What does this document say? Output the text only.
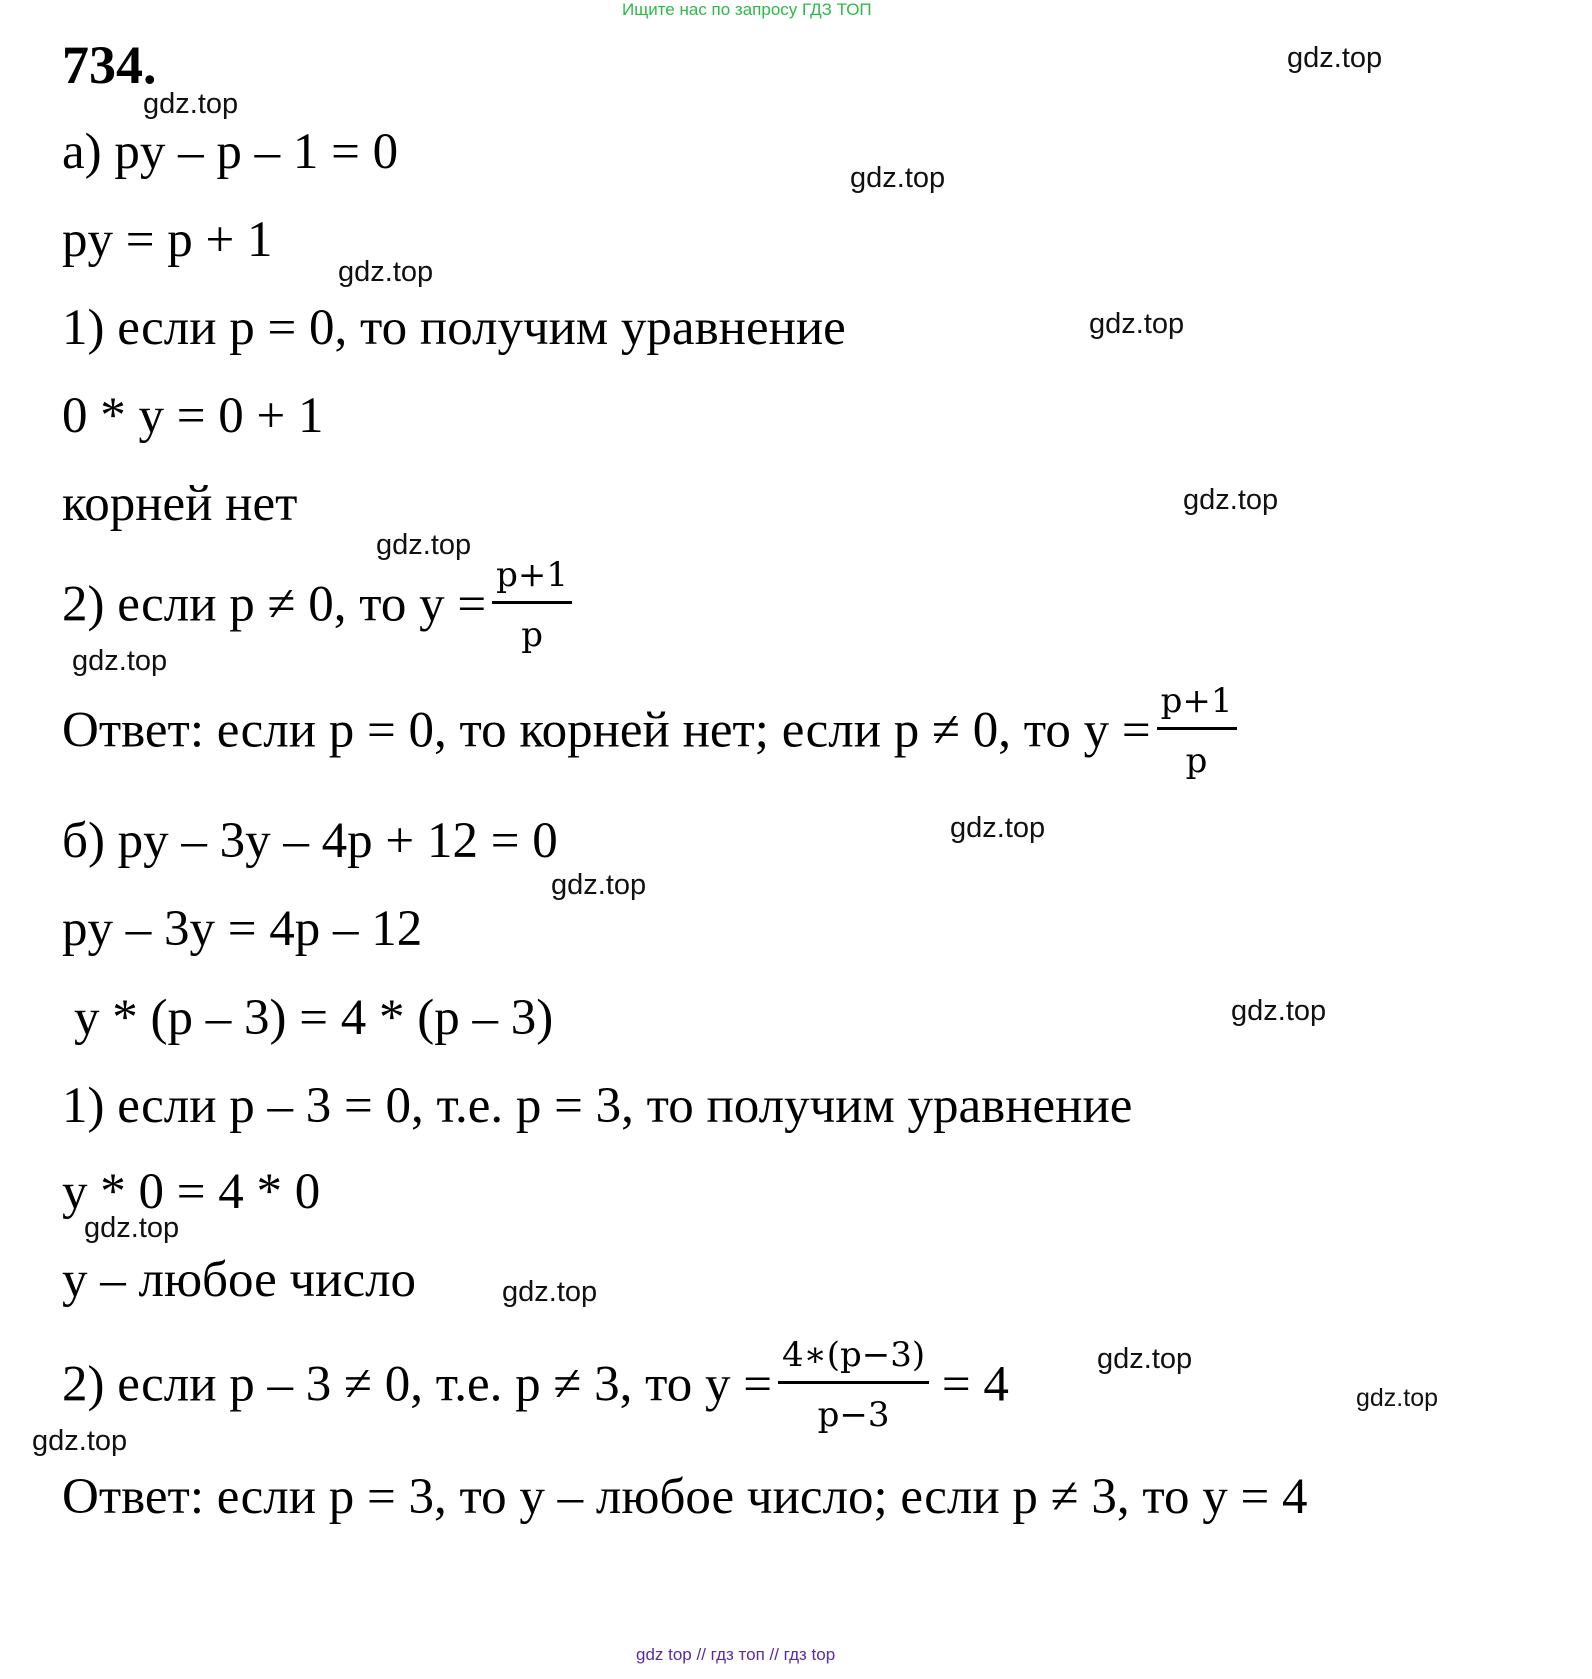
Ищите нас по запросу ГДЗ ТОП
gdz top // гдз топ // гдз top
734.
а) py – p – 1 = 0
py = p + 1
1) если p = 0, то получим уравнение
0 * y = 0 + 1
корней нет
2) если p ≠ 0, то $y = \frac{p+1}{p}$
Ответ: если p = 0, то корней нет; если p ≠ 0, то $y = \frac{p+1}{p}$
б) py – 3y – 4p + 12 = 0
py – 3y = 4p – 12
y * (p – 3) = 4 * (p – 3)
1) если p – 3 = 0, т.е. p = 3, то получим уравнение
y * 0 = 4 * 0
y – любое число
2) если p – 3 ≠ 0, т.е. p ≠ 3, то $y = \frac{4∗(p-3)}{p-3} = 4$
Ответ: если p = 3, то y – любое число; если p ≠ 3, то y = 4
gdz.top
gdz.top
gdz.top
gdz.top
gdz.top
gdz.top
gdz.top
gdz.top
gdz.top
gdz.top
gdz.top
gdz.top
gdz.top
gdz.top
gdz.top
gdz.top
